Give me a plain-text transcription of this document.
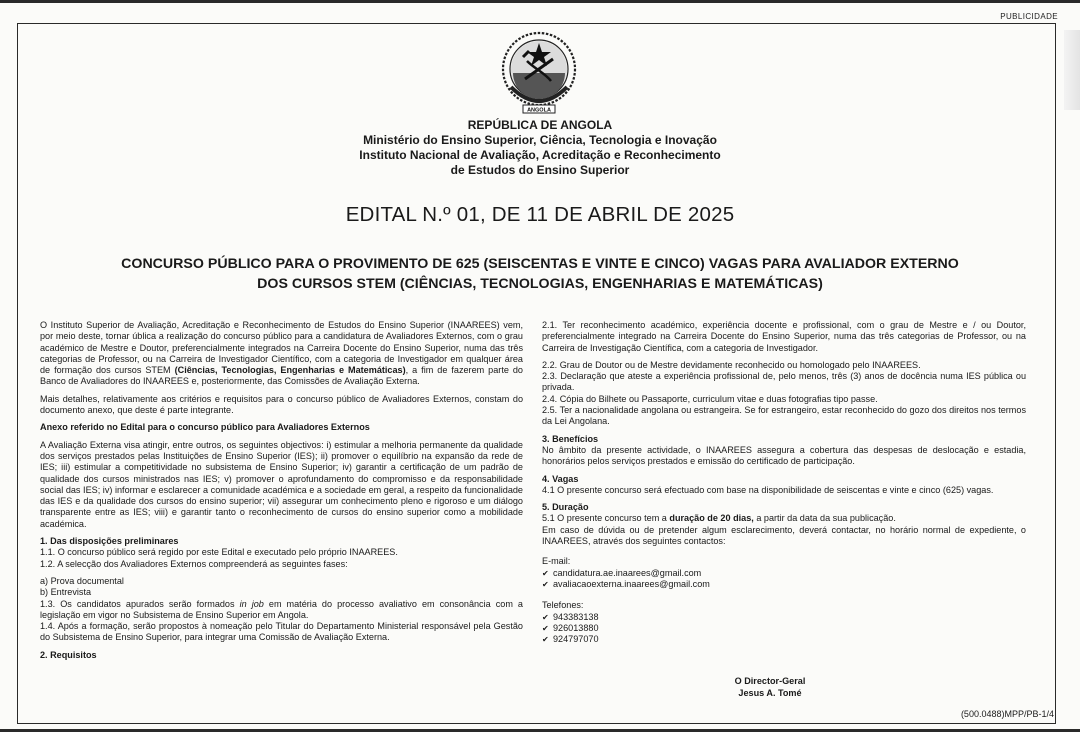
PUBLICIDADE
ANGOLA
REPÚBLICA DE ANGOLA
Ministério do Ensino Superior, Ciência, Tecnologia e Inovação
Instituto Nacional de Avaliação, Acreditação e Reconhecimento
de Estudos do Ensino Superior
EDITAL N.º 01, DE 11 DE ABRIL DE 2025
CONCURSO PÚBLICO PARA O PROVIMENTO DE 625 (SEISCENTAS E VINTE E CINCO) VAGAS PARA AVALIADOR EXTERNO
DOS CURSOS STEM (CIÊNCIAS, TECNOLOGIAS, ENGENHARIAS E MATEMÁTICAS)

O Instituto Superior de Avaliação, Acreditação e Reconhecimento de Estudos do Ensino Superior (INAAREES) vem, por meio deste, tornar ública a realização do concurso público para a candidatura de Avaliadores Externos, com o grau académico de Mestre e Doutor, preferencialmente integrados na Carreira Docente do Ensino Superior, numa das três categorias de Professor, ou na Carreira de Investigador Científico, com a categoria de Investigador em qualquer área de formação dos cursos STEM (Ciências, Tecnologias, Engenharias e Matemáticas), a fim de fazerem parte do Banco de Avaliadores do INAAREES e, posteriormente, das Comissões de Avaliação Externa.

Mais detalhes, relativamente aos critérios e requisitos para o concurso público de Avaliadores Externos, constam do documento anexo, que deste é parte integrante.

Anexo referido no Edital para o concurso público para Avaliadores Externos

A Avaliação Externa visa atingir, entre outros, os seguintes objectivos: i) estimular a melhoria permanente da qualidade dos serviços prestados pelas Instituições de Ensino Superior (IES); ii) promover o equilíbrio na expansão da rede de IES; iii) estimular a competitividade no subsistema de Ensino Superior; iv) garantir a certificação de um padrão de qualidade dos cursos ministrados nas IES; v) promover o aprofundamento do compromisso e da responsabilidade social das IES; iv) informar e esclarecer a comunidade académica e a sociedade em geral, a respeito da funcionalidade das IES e da qualidade dos cursos do ensino superior; vii) assegurar um conhecimento pleno e rigoroso e um diálogo transparente entre as IES; viii) e garantir tanto o reconhecimento de cursos do ensino superior como a mobilidade académica.

1. Das disposições preliminares

1.1. O concurso público será regido por este Edital e executado pelo próprio INAAREES.

1.2. A selecção dos Avaliadores Externos compreenderá as seguintes fases:

a) Prova documental

b) Entrevista

1.3. Os candidatos apurados serão formados in job em matéria do processo avaliativo em consonância com a legislação em vigor no Subsistema de Ensino Superior em Angola.

1.4. Após a formação, serão propostos à nomeação pelo Titular do Departamento Ministerial responsável pela Gestão do Subsistema de Ensino Superior, para integrar uma Comissão de Avaliação Externa.

2. Requisitos

2.1. Ter reconhecimento académico, experiência docente e profissional, com o grau de Mestre e / ou Doutor, preferencialmente integrado na Carreira Docente do Ensino Superior, numa das três categorias de Professor, ou na Carreira de Investigação Científica, com a categoria de Investigador.

2.2. Grau de Doutor ou de Mestre devidamente reconhecido ou homologado pelo INAAREES.

2.3. Declaração que ateste a experiência profissional de, pelo menos, três (3) anos de docência numa IES pública ou privada.

2.4. Cópia do Bilhete ou Passaporte, curriculum vitae e duas fotografias tipo passe.

2.5. Ter a nacionalidade angolana ou estrangeira. Se for estrangeiro, estar reconhecido do gozo dos direitos nos termos da Lei Angolana.

3. Benefícios

No âmbito da presente actividade, o INAAREES assegura a cobertura das despesas de deslocação e estadia, honorários pelos serviços prestados e emissão do certificado de participação.

4. Vagas

4.1 O presente concurso será efectuado com base na disponibilidade de seiscentas e vinte e cinco (625) vagas.

5. Duração

5.1 O presente concurso tem a duração de 20 dias, a partir da data da sua publicação.

Em caso de dúvida ou de pretender algum esclarecimento, deverá contactar, no horário normal de expediente, o INAAREES, através dos seguintes contactos:

E-mail:

✔ candidatura.ae.inaarees@gmail.com
✔ avaliacaoexterna.inaarees@gmail.com

Telefones:

✔ 943383138
✔ 926013880
✔ 924797070
O Director-Geral
Jesus A. Tomé
(500.0488)MPP/PB-1/4
